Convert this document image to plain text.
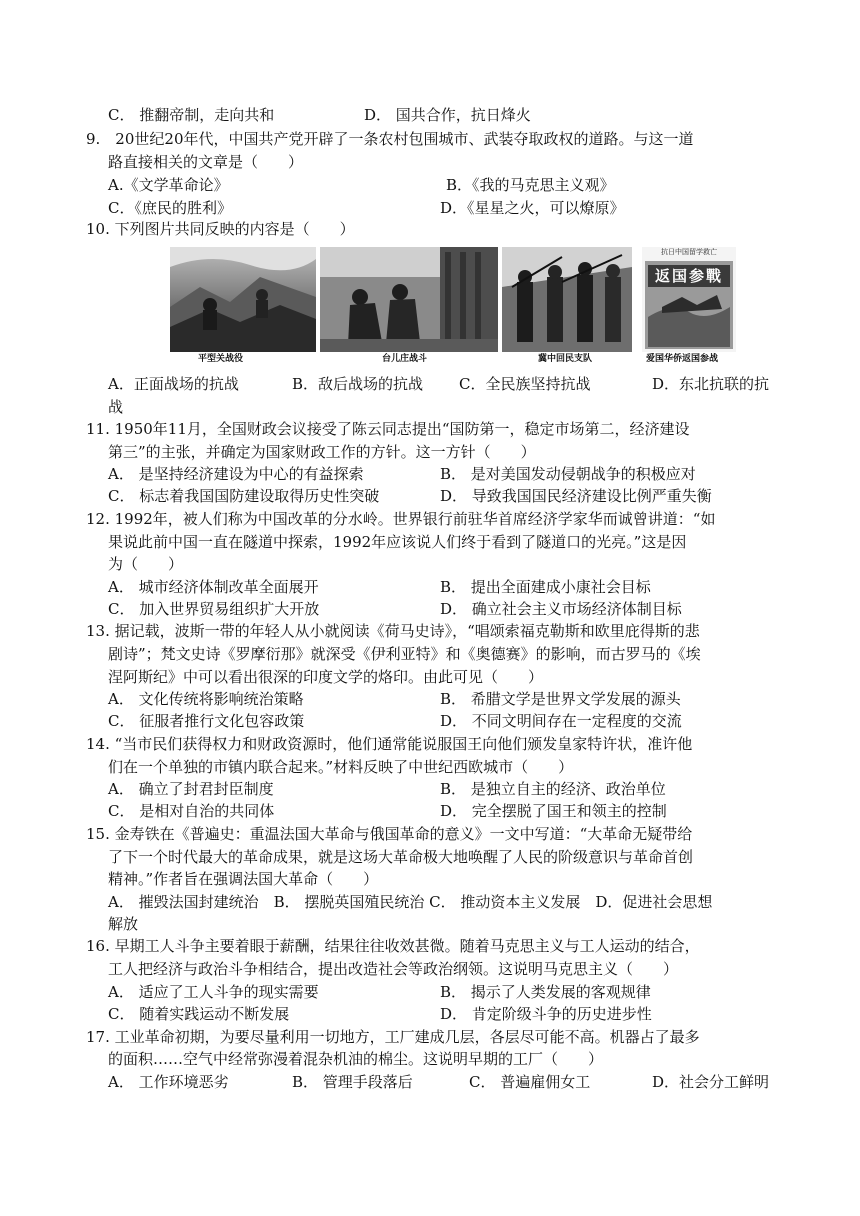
C． 推翻帝制，走向共和	D． 国共合作，抗日烽火
9.　20世纪20年代，中国共产党开辟了一条农村包围城市、武装夺取政权的道路。与这一道
路直接相关的文章是（　　）
A.《文学革命论》	B．《我的马克思主义观》
C．《庶民的胜利》	D．《星星之火，可以燎原》
10. 下列图片共同反映的内容是（　　）
抗日中国留学救亡
返国参戰
平型关战役	台儿庄战斗	冀中回民支队	爱国华侨返国参战
A．正面战场的抗战	B．敌后战场的抗战 C．全民族坚持抗战	D．东北抗联的抗
战
11. 1950年11月，全国财政会议接受了陈云同志提出“国防第一，稳定市场第二，经济建设
第三”的主张，并确定为国家财政工作的方针。这一方针（　　）
A． 是坚持经济建设为中心的有益探索	B． 是对美国发动侵朝战争的积极应对
C． 标志着我国国防建设取得历史性突破	D． 导致我国国民经济建设比例严重失衡
12. 1992年，被人们称为中国改革的分水岭。世界银行前驻华首席经济学家华而诚曾讲道：“如
果说此前中国一直在隧道中探索，1992年应该说人们终于看到了隧道口的光亮。”这是因
为（　　）
A． 城市经济体制改革全面展开	B． 提出全面建成小康社会目标
C． 加入世界贸易组织扩大开放	D． 确立社会主义市场经济体制目标
13. 据记载，波斯一带的年轻人从小就阅读《荷马史诗》，“唱颂索福克勒斯和欧里庇得斯的悲
剧诗”；梵文史诗《罗摩衍那》就深受《伊利亚特》和《奥德赛》的影响，而古罗马的《埃
涅阿斯纪》中可以看出很深的印度文学的烙印。由此可见（　　）
A． 文化传统将影响统治策略	B． 希腊文学是世界文学发展的源头
C． 征服者推行文化包容政策	D． 不同文明间存在一定程度的交流
14. “当市民们获得权力和财政资源时，他们通常能说服国王向他们颁发皇家特许状，准许他
们在一个单独的市镇内联合起来。”材料反映了中世纪西欧城市（　　）
A． 确立了封君封臣制度	B． 是独立自主的经济、政治单位
C． 是相对自治的共同体	D． 完全摆脱了国王和领主的控制
15. 金寿铁在《普遍史：重温法国大革命与俄国革命的意义》一文中写道：“大革命无疑带给
了下一个时代最大的革命成果，就是这场大革命极大地唤醒了人民的阶级意识与革命首创
精神。”作者旨在强调法国大革命（　　）
A． 摧毁法国封建统治　B． 摆脱英国殖民统治 C． 推动资本主义发展　D．促进社会思想
解放
16. 早期工人斗争主要着眼于薪酬，结果往往收效甚微。随着马克思主义与工人运动的结合，
工人把经济与政治斗争相结合，提出改造社会等政治纲领。这说明马克思主义（　　）
A． 适应了工人斗争的现实需要	B． 揭示了人类发展的客观规律
C． 随着实践运动不断发展	D． 肯定阶级斗争的历史进步性
17. 工业革命初期，为要尽量利用一切地方，工厂建成几层，各层尽可能不高。机器占了最多
的面积……空气中经常弥漫着混杂机油的棉尘。这说明早期的工厂（　　）
A． 工作环境恶劣	B． 管理手段落后	C． 普遍雇佣女工	D．社会分工鲜明
